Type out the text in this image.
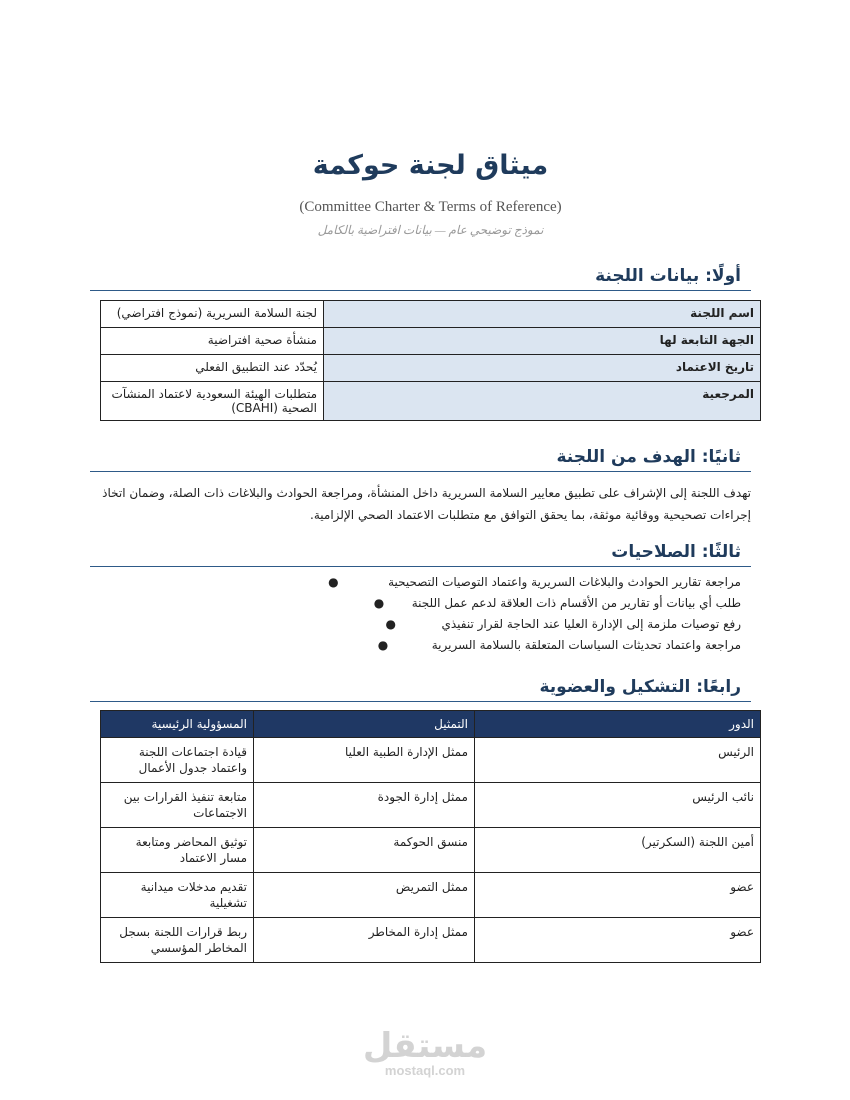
ميثاق لجنة حوكمة
(Committee Charter & Terms of Reference)
نموذج توضيحي عام — بيانات افتراضية بالكامل
أولًا: بيانات اللجنة
اسم اللجنة	لجنة السلامة السريرية (نموذج افتراضي)
الجهة التابعة لها	منشأة صحية افتراضية
تاريخ الاعتماد	يُحدّد عند التطبيق الفعلي
المرجعية	متطلبات الهيئة السعودية لاعتماد المنشآت الصحية (CBAHI)
ثانيًا: الهدف من اللجنة
تهدف اللجنة إلى الإشراف على تطبيق معايير السلامة السريرية داخل المنشأة، ومراجعة الحوادث والبلاغات ذات الصلة، وضمان اتخاذ إجراءات تصحيحية ووقائية موثقة، بما يحقق التوافق مع متطلبات الاعتماد الصحي الإلزامية.
ثالثًا: الصلاحيات
مراجعة تقارير الحوادث والبلاغات السريرية واعتماد التوصيات التصحيحية
●
طلب أي بيانات أو تقارير من الأقسام ذات العلاقة لدعم عمل اللجنة
●
رفع توصيات ملزمة إلى الإدارة العليا عند الحاجة لقرار تنفيذي
●
مراجعة واعتماد تحديثات السياسات المتعلقة بالسلامة السريرية
●
رابعًا: التشكيل والعضوية
الدور	التمثيل	المسؤولية الرئيسية
الرئيس	ممثل الإدارة الطبية العليا	قيادة اجتماعات اللجنة واعتماد جدول الأعمال
نائب الرئيس	ممثل إدارة الجودة	متابعة تنفيذ القرارات بين الاجتماعات
أمين اللجنة (السكرتير)	منسق الحوكمة	توثيق المحاضر ومتابعة مسار الاعتماد
عضو	ممثل التمريض	تقديم مدخلات ميدانية تشغيلية
عضو	ممثل إدارة المخاطر	ربط قرارات اللجنة بسجل المخاطر المؤسسي
مستقل
mostaql.com
